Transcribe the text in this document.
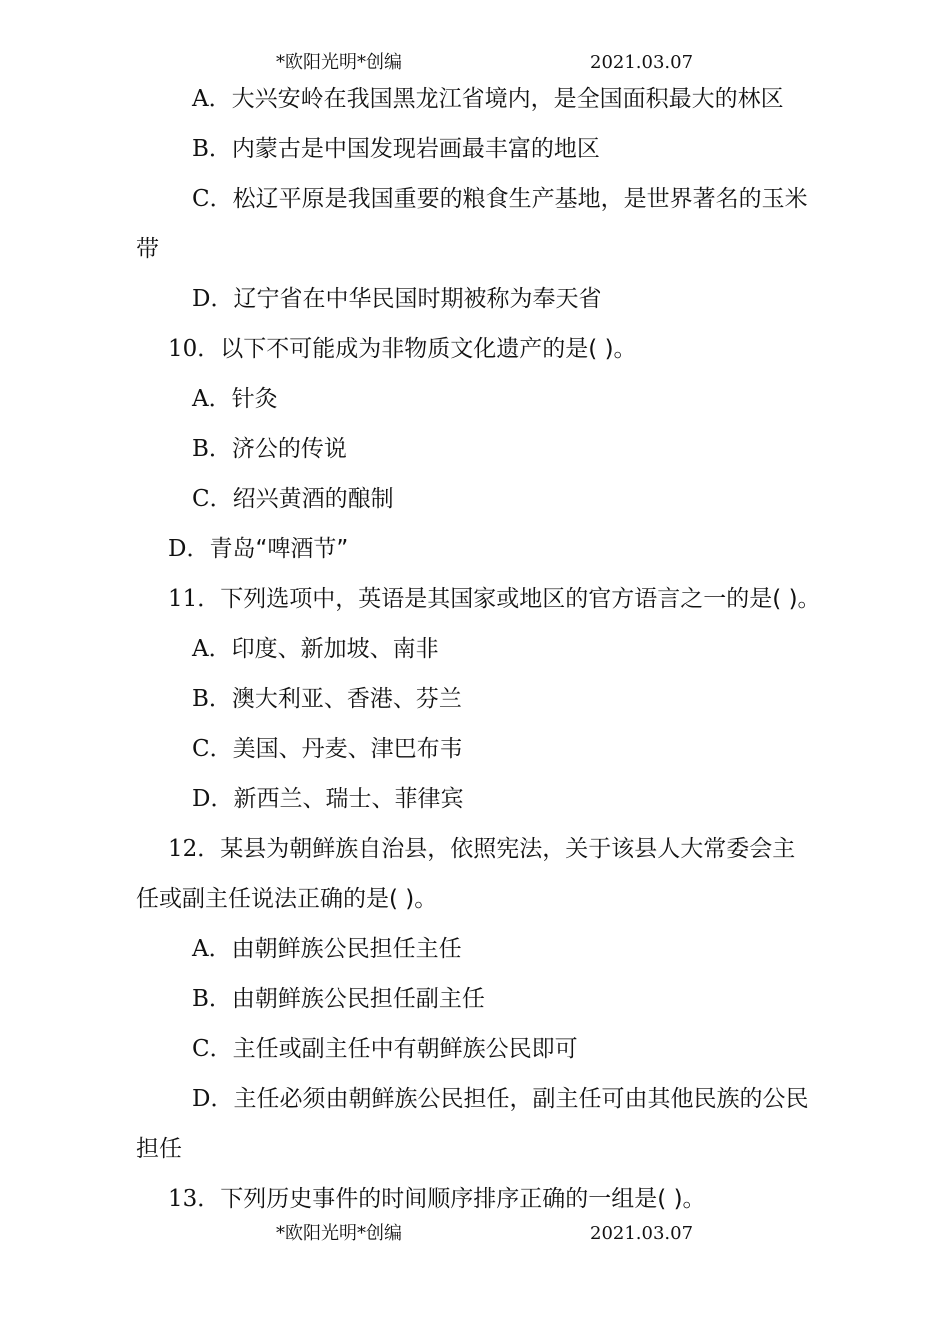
*欧阳光明*创编	2021.03.07
A．大兴安岭在我国黑龙江省境内，是全国面积最大的林区
B．内蒙古是中国发现岩画最丰富的地区
C．松辽平原是我国重要的粮食生产基地，是世界著名的玉米
带
D．辽宁省在中华民国时期被称为奉天省
10．以下不可能成为非物质文化遗产的是( )。
A．针灸
B．济公的传说
C．绍兴黄酒的酿制
D．青岛“啤酒节”
11．下列选项中，英语是其国家或地区的官方语言之一的是( )。
A．印度、新加坡、南非
B．澳大利亚、香港、芬兰
C．美国、丹麦、津巴布韦
D．新西兰、瑞士、菲律宾
12．某县为朝鲜族自治县，依照宪法，关于该县人大常委会主
任或副主任说法正确的是( )。
A．由朝鲜族公民担任主任
B．由朝鲜族公民担任副主任
C．主任或副主任中有朝鲜族公民即可
D．主任必须由朝鲜族公民担任，副主任可由其他民族的公民
担任
13．下列历史事件的时间顺序排序正确的一组是( )。
*欧阳光明*创编	2021.03.07
